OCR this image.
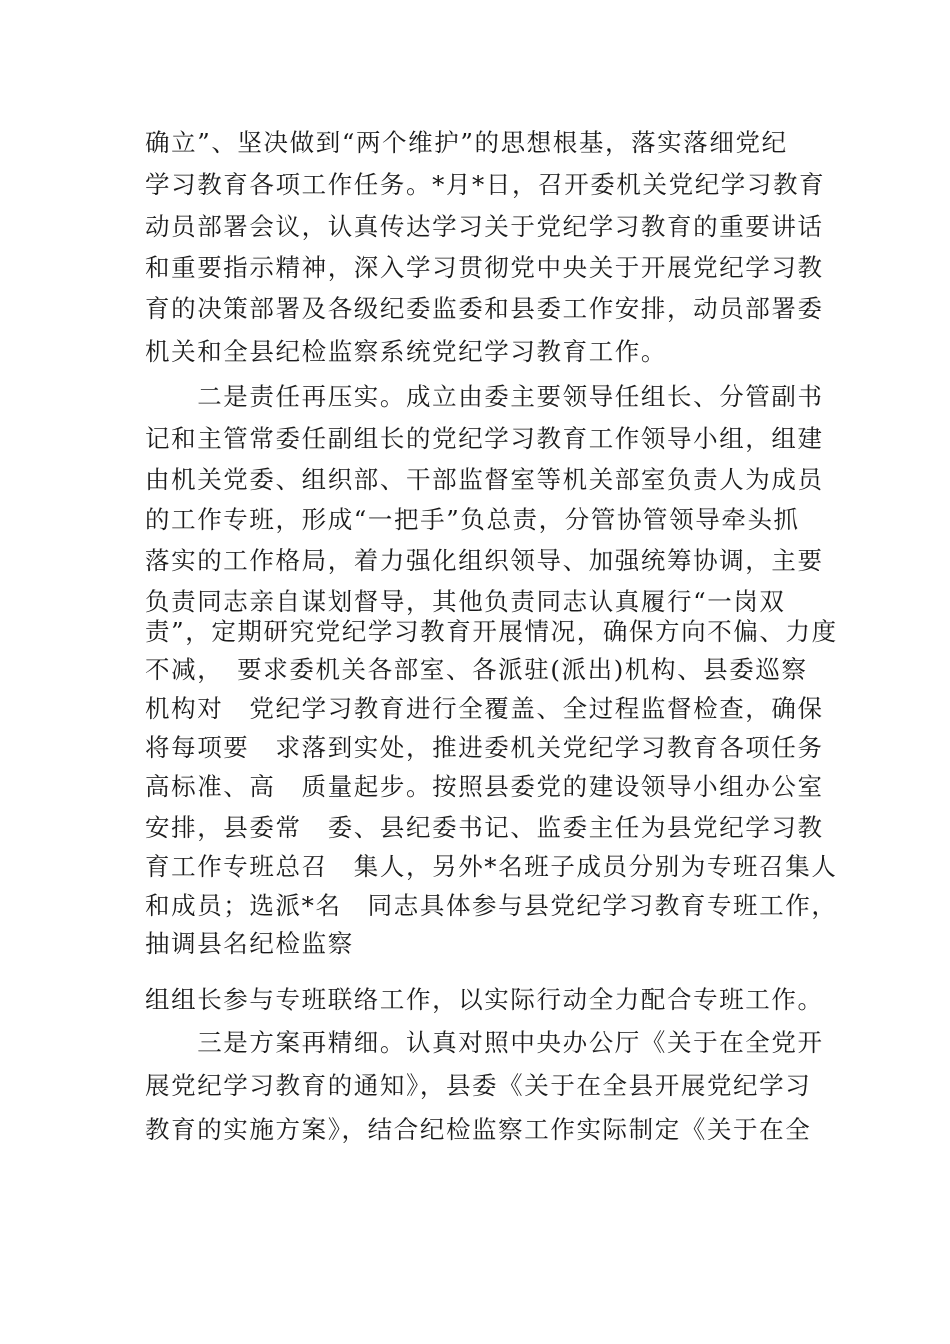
确立”、坚决做到“两个维护”的思想根基，落实落细党纪
学习教育各项工作任务。*月*日，召开委机关党纪学习教育
动员部署会议，认真传达学习关于党纪学习教育的重要讲话
和重要指示精神，深入学习贯彻党中央关于开展党纪学习教
育的决策部署及各级纪委监委和县委工作安排，动员部署委
机关和全县纪检监察系统党纪学习教育工作。
　　二是责任再压实。成立由委主要领导任组长、分管副书
记和主管常委任副组长的党纪学习教育工作领导小组，组建
由机关党委、组织部、干部监督室等机关部室负责人为成员
的工作专班，形成“一把手”负总责，分管协管领导牵头抓
落实的工作格局，着力强化组织领导、加强统筹协调，主要
负责同志亲自谋划督导，其他负责同志认真履行“一岗双
责”，定期研究党纪学习教育开展情况，确保方向不偏、力度
不减，　要求委机关各部室、各派驻(派出)机构、县委巡察
机构对　党纪学习教育进行全覆盖、全过程监督检查，确保
将每项要　求落到实处，推进委机关党纪学习教育各项任务
高标准、高　质量起步。按照县委党的建设领导小组办公室
安排，县委常　委、县纪委书记、监委主任为县党纪学习教
育工作专班总召　集人，另外*名班子成员分别为专班召集人
和成员；选派*名　同志具体参与县党纪学习教育专班工作，
抽调县名纪检监察
组组长参与专班联络工作，以实际行动全力配合专班工作。
　　三是方案再精细。认真对照中央办公厅《关于在全党开
展党纪学习教育的通知》，县委《关于在全县开展党纪学习
教育的实施方案》，结合纪检监察工作实际制定《关于在全
